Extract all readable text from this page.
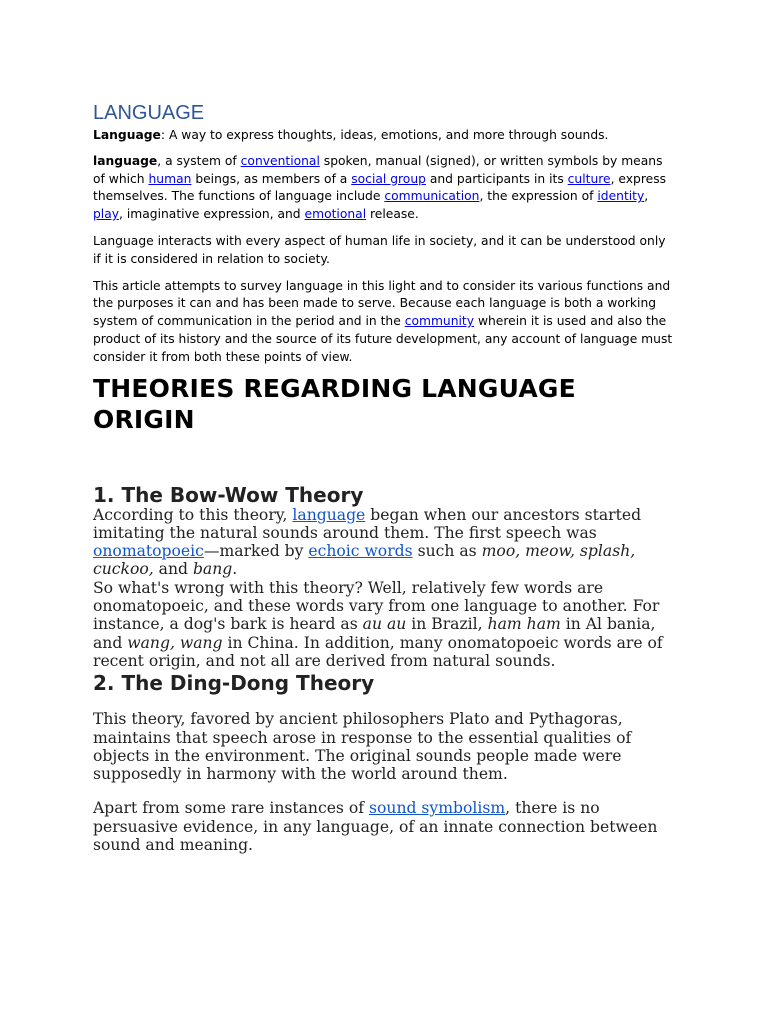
LANGUAGE

Language: A way to express thoughts, ideas, emotions, and more through sounds.

language, a system of conventional spoken, manual (signed), or written symbols by means of which human beings, as members of a social group and participants in its culture, express themselves. The functions of language include communication, the expression of identity, play, imaginative expression, and emotional release.

Language interacts with every aspect of human life in society, and it can be understood only if it is considered in relation to society.

This article attempts to survey language in this light and to consider its various functions and the purposes it can and has been made to serve. Because each language is both a working system of communication in the period and in the community wherein it is used and also the product of its history and the source of its future development, any account of language must consider it from both these points of view.

THEORIES REGARDING LANGUAGE ORIGIN
1. The Bow-Wow Theory

According to this theory, language began when our ancestors started imitating the natural sounds around them. The first speech was onomatopoeic—marked by echoic words such as moo, meow, splash, cuckoo, and bang.

So what's wrong with this theory? Well, relatively few words are onomatopoeic, and these words vary from one language to another. For instance, a dog's bark is heard as au au in Brazil, ham ham in Al bania, and wang, wang in China. In addition, many onomatopoeic words are of recent origin, and not all are derived from natural sounds.

2. The Ding-Dong Theory

This theory, favored by ancient philosophers Plato and Pythagoras, maintains that speech arose in response to the essential qualities of objects in the environment. The original sounds people made were supposedly in harmony with the world around them.

Apart from some rare instances of sound symbolism, there is no persuasive evidence, in any language, of an innate connection between sound and meaning.
